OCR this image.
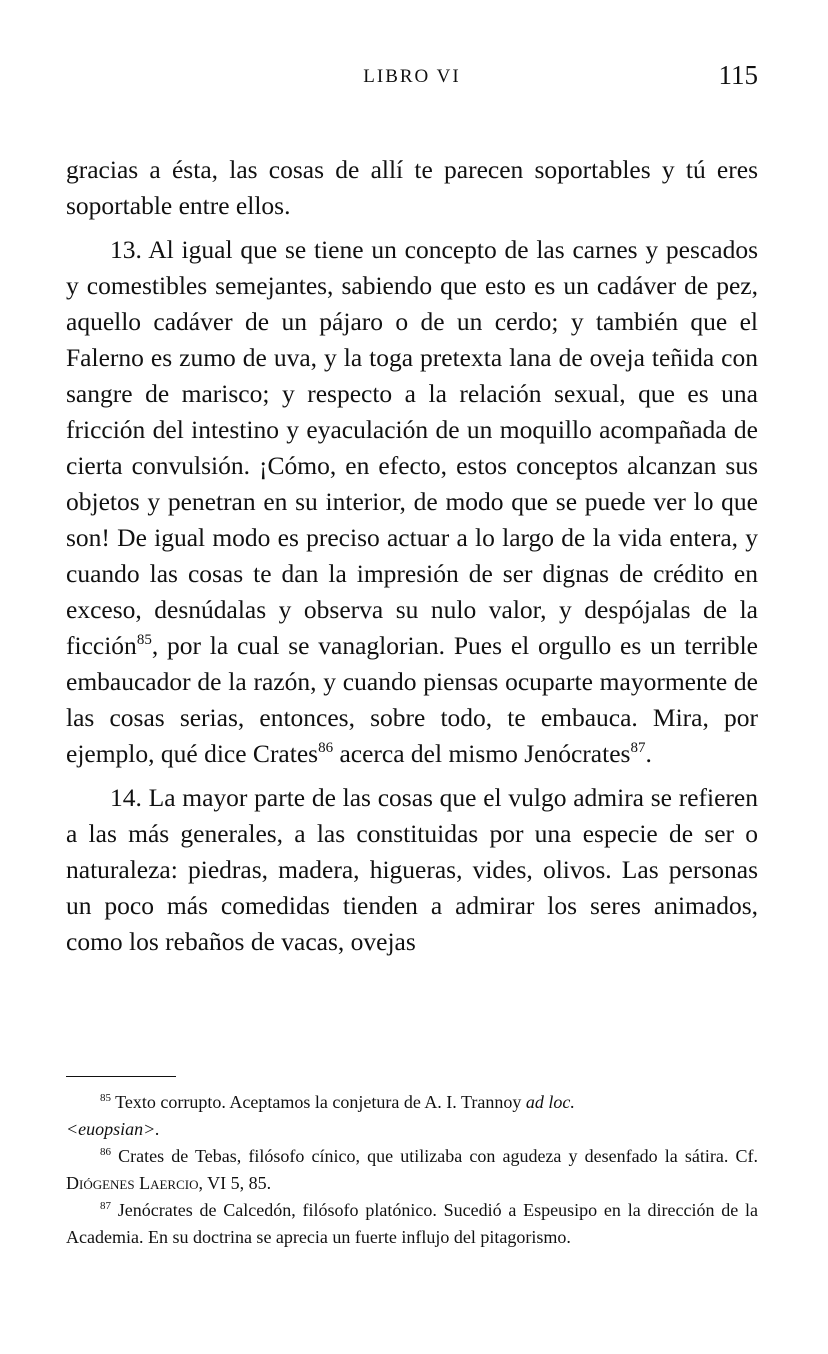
LIBRO VI	115

gracias a ésta, las cosas de allí te parecen soportables y tú eres soportable entre ellos.

13. Al igual que se tiene un concepto de las carnes y pescados y comestibles semejantes, sabiendo que esto es un cadáver de pez, aquello cadáver de un pájaro o de un cerdo; y también que el Falerno es zumo de uva, y la toga pretexta lana de oveja teñida con sangre de marisco; y respecto a la relación sexual, que es una fricción del intestino y eyaculación de un moquillo acompañada de cierta convulsión. ¡Cómo, en efecto, estos conceptos alcanzan sus objetos y penetran en su interior, de modo que se puede ver lo que son! De igual modo es preciso actuar a lo largo de la vida entera, y cuando las cosas te dan la impresión de ser dignas de crédito en exceso, desnúdalas y observa su nulo valor, y despójalas de la ficción$^{85}$, por la cual se vanaglorian. Pues el orgullo es un terrible embaucador de la razón, y cuando piensas ocuparte mayormente de las cosas serias, entonces, sobre todo, te embauca. Mira, por ejemplo, qué dice Crates$^{86}$ acerca del mismo Jenócrates$^{87}$.

14. La mayor parte de las cosas que el vulgo admira se refieren a las más generales, a las constituidas por una especie de ser o naturaleza: piedras, madera, higueras, vides, olivos. Las personas un poco más comedidas tienden a admirar los seres animados, como los rebaños de vacas, ovejas

$^{85}$ Texto corrupto. Aceptamos la conjetura de A. I. Trannoy ad loc.
<euopsian>.

$^{86}$ Crates de Tebas, filósofo cínico, que utilizaba con agudeza y desenfado la sátira. Cf. Diógenes Laercio, VI 5, 85.

$^{87}$ Jenócrates de Calcedón, filósofo platónico. Sucedió a Espeusipo en la dirección de la Academia. En su doctrina se aprecia un fuerte influjo del pitagorismo.
